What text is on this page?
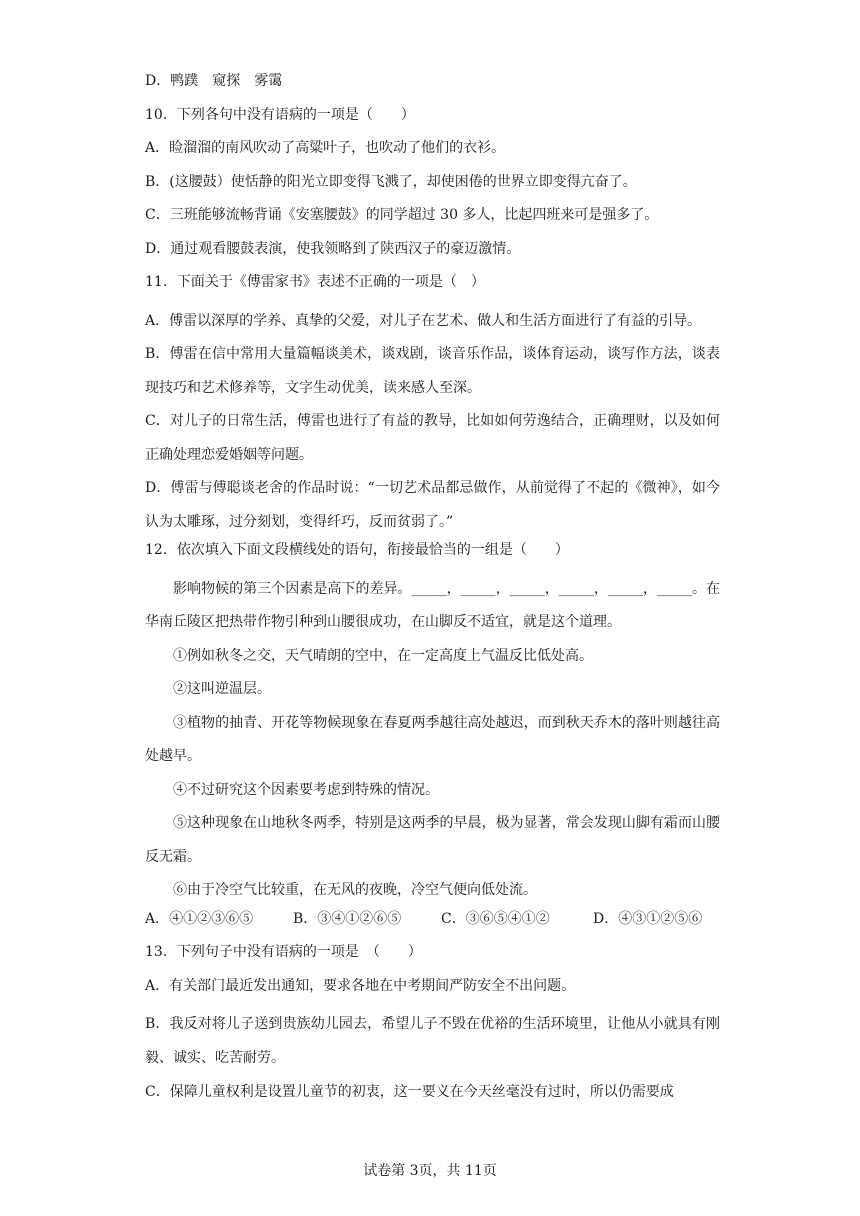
D．鸭蹼　窥探　雾霭
10．下列各句中没有语病的一项是（　　）
A．睑溜溜的南风吹动了高粱叶子，也吹动了他们的衣衫。
B．(这腰鼓）使恬静的阳光立即变得飞溅了，却使困倦的世界立即变得亢奋了。
C．三班能够流畅背诵《安塞腰鼓》的同学超过 30 多人，比起四班来可是强多了。
D．通过观看腰鼓表演，使我领略到了陕西汉子的豪迈激情。
11．下面关于《傅雷家书》表述不正确的一项是（　）
A．傅雷以深厚的学养、真挚的父爱，对儿子在艺术、做人和生活方面进行了有益的引导。
B．傅雷在信中常用大量篇幅谈美术，谈戏剧，谈音乐作品，谈体育运动，谈写作方法，谈表现技巧和艺术修养等，文字生动优美，读来感人至深。
C．对儿子的日常生活，傅雷也进行了有益的教导，比如如何劳逸结合，正确理财，以及如何正确处理恋爱婚姻等问题。
D．傅雷与傅聪谈老舍的作品时说：“一切艺术品都忌做作，从前觉得了不起的《微神》，如今认为太雕琢，过分刻划，变得纤巧，反而贫弱了。”
12．依次填入下面文段横线处的语句，衔接最恰当的一组是（　　）
影响物候的第三个因素是高下的差异。_____，_____，_____，_____，_____，_____。在华南丘陵区把热带作物引种到山腰很成功，在山脚反不适宜，就是这个道理。
①例如秋冬之交，天气晴朗的空中，在一定高度上气温反比低处高。
②这叫逆温层。
③植物的抽青、开花等物候现象在春夏两季越往高处越迟，而到秋天乔木的落叶则越往高处越早。
④不过研究这个因素要考虑到特殊的情况。
⑤这种现象在山地秋冬两季，特别是这两季的早晨，极为显著，常会发现山脚有霜而山腰反无霜。
⑥由于冷空气比较重，在无风的夜晚，冷空气便向低处流。
A．④①②③⑥⑤	B．③④①②⑥⑤	C．③⑥⑤④①②	D．④③①②⑤⑥
13．下列句子中没有语病的一项是　（　　）
A．有关部门最近发出通知，要求各地在中考期间严防安全不出问题。
B．我反对将儿子送到贵族幼儿园去，希望儿子不毁在优裕的生活环境里，让他从小就具有刚毅、诚实、吃苦耐劳。
C．保障儿童权利是设置儿童节的初衷，这一要义在今天丝毫没有过时，所以仍需要成
试卷第 3页，共 11页
